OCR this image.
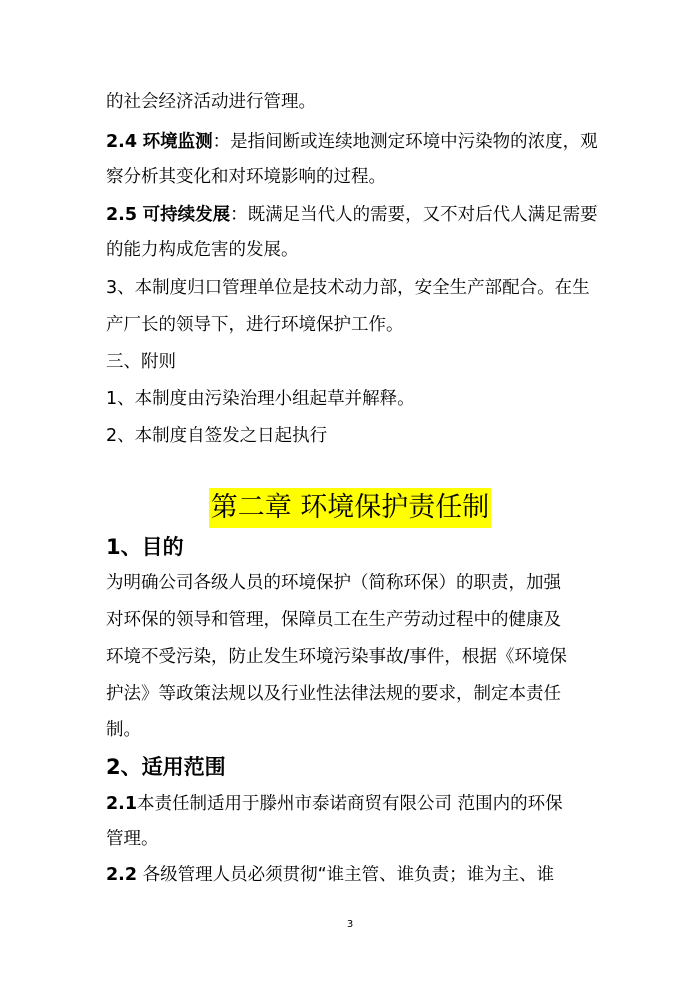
的社会经济活动进行管理。
2.4 环境监测：是指间断或连续地测定环境中污染物的浓度，观
察分析其变化和对环境影响的过程。
2.5 可持续发展：既满足当代人的需要，又不对后代人满足需要
的能力构成危害的发展。
3、本制度归口管理单位是技术动力部，安全生产部配合。在生
产厂长的领导下，进行环境保护工作。
三、附则
1、本制度由污染治理小组起草并解释。
2、本制度自签发之日起执行
第二章 环境保护责任制
1、目的
为明确公司各级人员的环境保护（简称环保）的职责，加强
对环保的领导和管理，保障员工在生产劳动过程中的健康及
环境不受污染，防止发生环境污染事故/事件，根据《环境保
护法》等政策法规以及行业性法律法规的要求，制定本责任
制。
2、适用范围
2.1本责任制适用于滕州市泰诺商贸有限公司 范围内的环保
管理。
2.2 各级管理人员必须贯彻“谁主管、谁负责；谁为主、谁
3
